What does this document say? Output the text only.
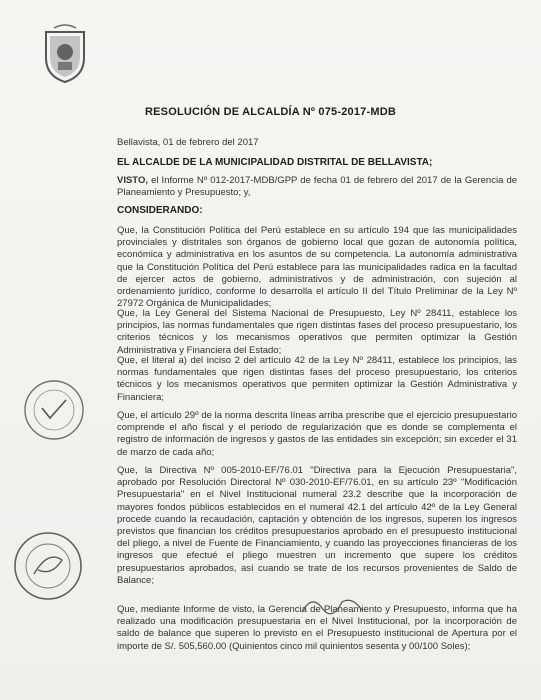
RESOLUCIÓN DE ALCALDÍA Nº 075-2017-MDB
Bellavista, 01 de febrero del 2017
EL ALCALDE DE LA MUNICIPALIDAD DISTRITAL DE BELLAVISTA;
VISTO, el Informe Nº 012-2017-MDB/GPP de fecha 01 de febrero del 2017 de la Gerencia de Planeamiento y Presupuesto; y,
CONSIDERANDO:
Que, la Constitución Política del Perú establece en su artículo 194 que las municipalidades provinciales y distritales son órganos de gobierno local que gozan de autonomía política, económica y administrativa en los asuntos de su competencia. La autonomía administrativa que la Constitución Política del Perú establece para las municipalidades radica en la facultad de ejercer actos de gobierno, administrativos y de administración, con sujeción al ordenamiento jurídico, conforme lo desarrolla el artículo II del Título Preliminar de la Ley Nº 27972 Orgánica de Municipalidades;
Que, la Ley General del Sistema Nacional de Presupuesto, Ley Nº 28411, establece los principios, las normas fundamentales que rigen distintas fases del proceso presupuestario, los criterios técnicos y los mecanismos operativos que permiten optimizar la Gestión Administrativa y Financiera del Estado;
Que, el literal a) del inciso 2 del artículo 42 de la Ley Nº 28411, establece los principios, las normas fundamentales que rigen distintas fases del proceso presupuestario, los criterios técnicos y los mecanismos operativos que permiten optimizar la Gestión Administrativa y Financiera;
Que, el artículo 29º de la norma descrita líneas arriba prescribe que el ejercicio presupuestario comprende el año fiscal y el periodo de regularización que es donde se complementa el registro de información de ingresos y gastos de las entidades sin excepción; sin exceder el 31 de marzo de cada año;
Que, la Directiva Nº 005-2010-EF/76.01 "Directiva para la Ejecución Presupuestaria", aprobado por Resolución Directoral Nº 030-2010-EF/76.01, en su artículo 23º "Modificación Presupuestaria" en el Nivel Institucional numeral 23.2 describe que la incorporación de mayores fondos públicos establecidos en el numeral 42.1 del artículo 42º de la Ley General procede cuando la recaudación, captación y obtención de los ingresos, superen los ingresos previstos que financian los créditos presupuestarios aprobado en el presupuesto institucional del pliego, a nivel de Fuente de Financiamiento, y cuando las proyecciones financieras de los ingresos que efectué el pliego muestren un incremento que supere los créditos presupuestarios aprobados, así cuando se trate de los recursos provenientes de Saldo de Balance;
Que, mediante Informe de visto, la Gerencia de Planeamiento y Presupuesto, informa que ha realizado una modificación presupuestaria en el Nivel Institucional, por la incorporación de saldo de balance que superen lo previsto en el Presupuesto institucional de Apertura por el importe de S/. 505,560.00 (Quinientos cinco mil quinientos sesenta y 00/100 Soles);
